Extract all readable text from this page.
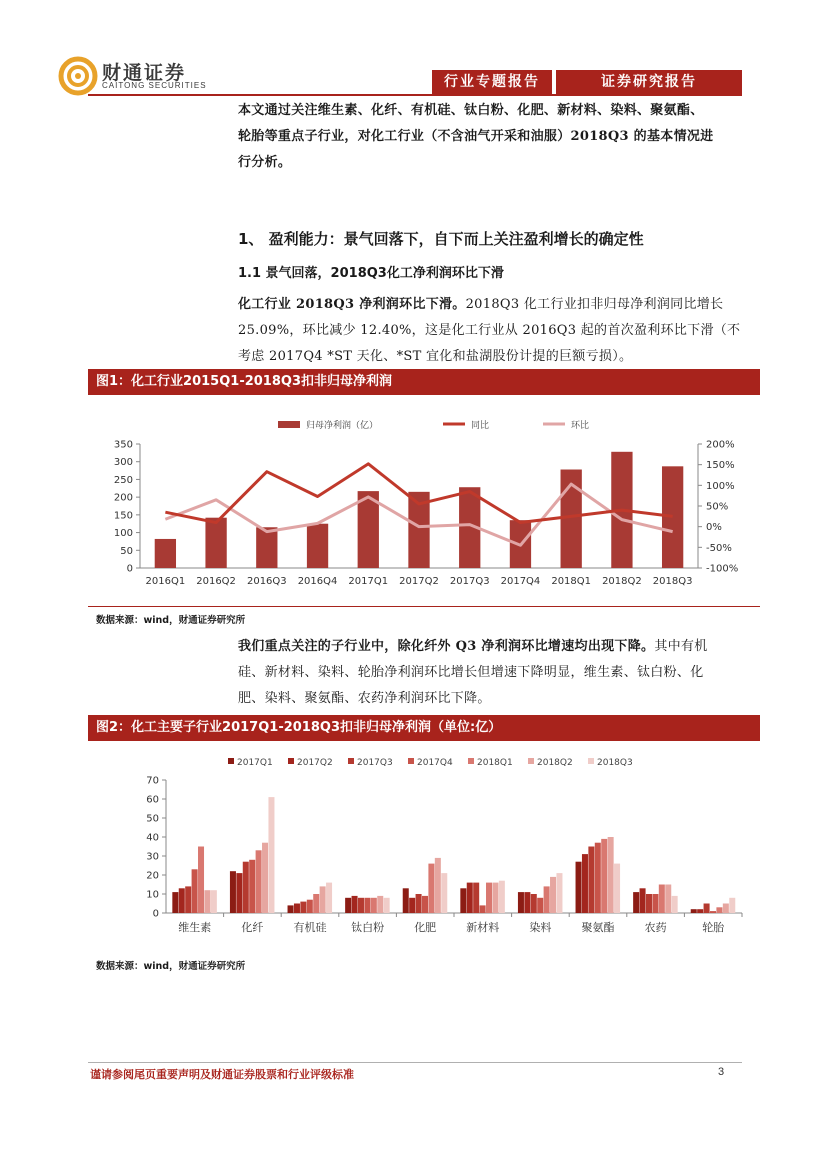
财通证券
CAITONG SECURITIES	行业专题报告	证券研究报告
本文通过关注维生素、化纤、有机硅、钛白粉、化肥、新材料、染料、聚氨酯、
轮胎等重点子行业，对化工行业（不含油气开采和油服）2018Q3 的基本情况进
行分析。
1、 盈利能力：景气回落下，自下而上关注盈利增长的确定性
1.1 景气回落，2018Q3化工净利润环比下滑
化工行业 2018Q3 净利润环比下滑。2018Q3 化工行业扣非归母净利润同比增长
25.09%，环比减少 12.40%，这是化工行业从 2016Q3 起的首次盈利环比下滑（不
考虑 2017Q4 *ST 天化、*ST 宜化和盐湖股份计提的巨额亏损）。
图1：化工行业2015Q1-2018Q3扣非归母净利润
归母净利润（亿）	同比	环比
0
50
100
150
200
250
300
350
-100%
-50%
0%
50%
100%
150%
200%
2016Q1 2016Q2 2016Q3 2016Q4 2017Q1 2017Q2 2017Q3 2017Q4 2018Q1 2018Q2 2018Q3
数据来源：wind，财通证券研究所
我们重点关注的子行业中，除化纤外 Q3 净利润环比增速均出现下降。其中有机
硅、新材料、染料、轮胎净利润环比增长但增速下降明显，维生素、钛白粉、化
肥、染料、聚氨酯、农药净利润环比下降。
图2：化工主要子行业2017Q1-2018Q3扣非归母净利润（单位:亿）
2017Q1	2017Q2	2017Q3	2017Q4	2018Q1	2018Q2	2018Q3
0
10
20
30
40
50
60
70
维生素	化纤	有机硅 钛白粉	化肥	新材料	染料	聚氨酯	农药	轮胎
数据来源：wind，财通证券研究所
谨请参阅尾页重要声明及财通证券股票和行业评级标准	3
